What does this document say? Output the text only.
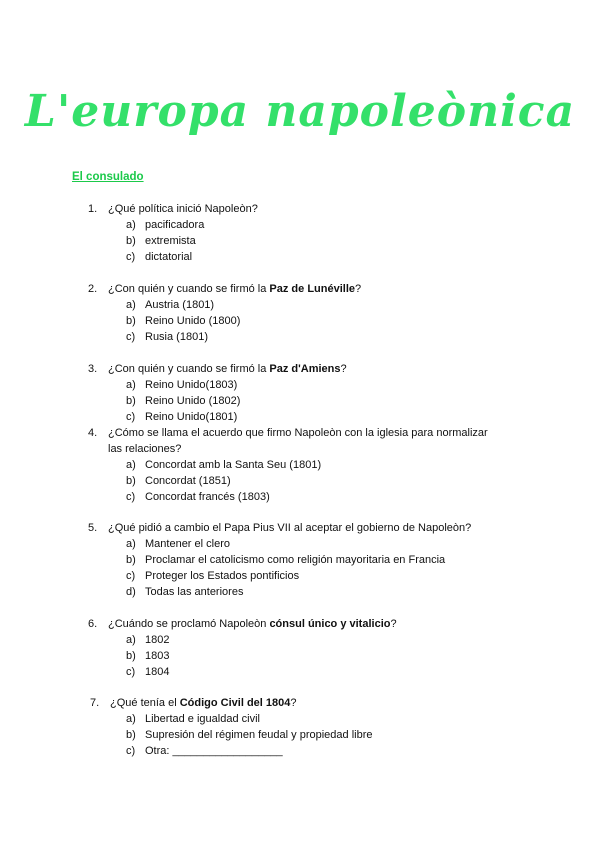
L'europa napoleònica
El consulado
1. ¿Qué política inició Napoleòn?
a) pacificadora
b) extremista
c) dictatorial
2. ¿Con quién y cuando se firmó la Paz de Lunéville?
a) Austria (1801)
b) Reino Unido (1800)
c) Rusia (1801)
3. ¿Con quién y cuando se firmó la Paz d'Amiens?
a) Reino Unido(1803)
b) Reino Unido (1802)
c) Reino Unido(1801)
4. ¿Cómo se llama el acuerdo que firmo Napoleòn con la iglesia para normalizar las relaciones?
a) Concordat amb la Santa Seu (1801)
b) Concordat (1851)
c) Concordat francés (1803)
5. ¿Qué pidió a cambio el Papa Pius VII al aceptar el gobierno de Napoleòn?
a) Mantener el clero
b) Proclamar el catolicismo como religión mayoritaria en Francia
c) Proteger los Estados pontificios
d) Todas las anteriores
6. ¿Cuándo se proclamó Napoleòn cónsul único y vitalicio?
a) 1802
b) 1803
c) 1804
7. ¿Qué tenía el Código Civil del 1804?
a) Libertad e igualdad civil
b) Supresión del régimen feudal y propiedad libre
c) Otra: __________________
